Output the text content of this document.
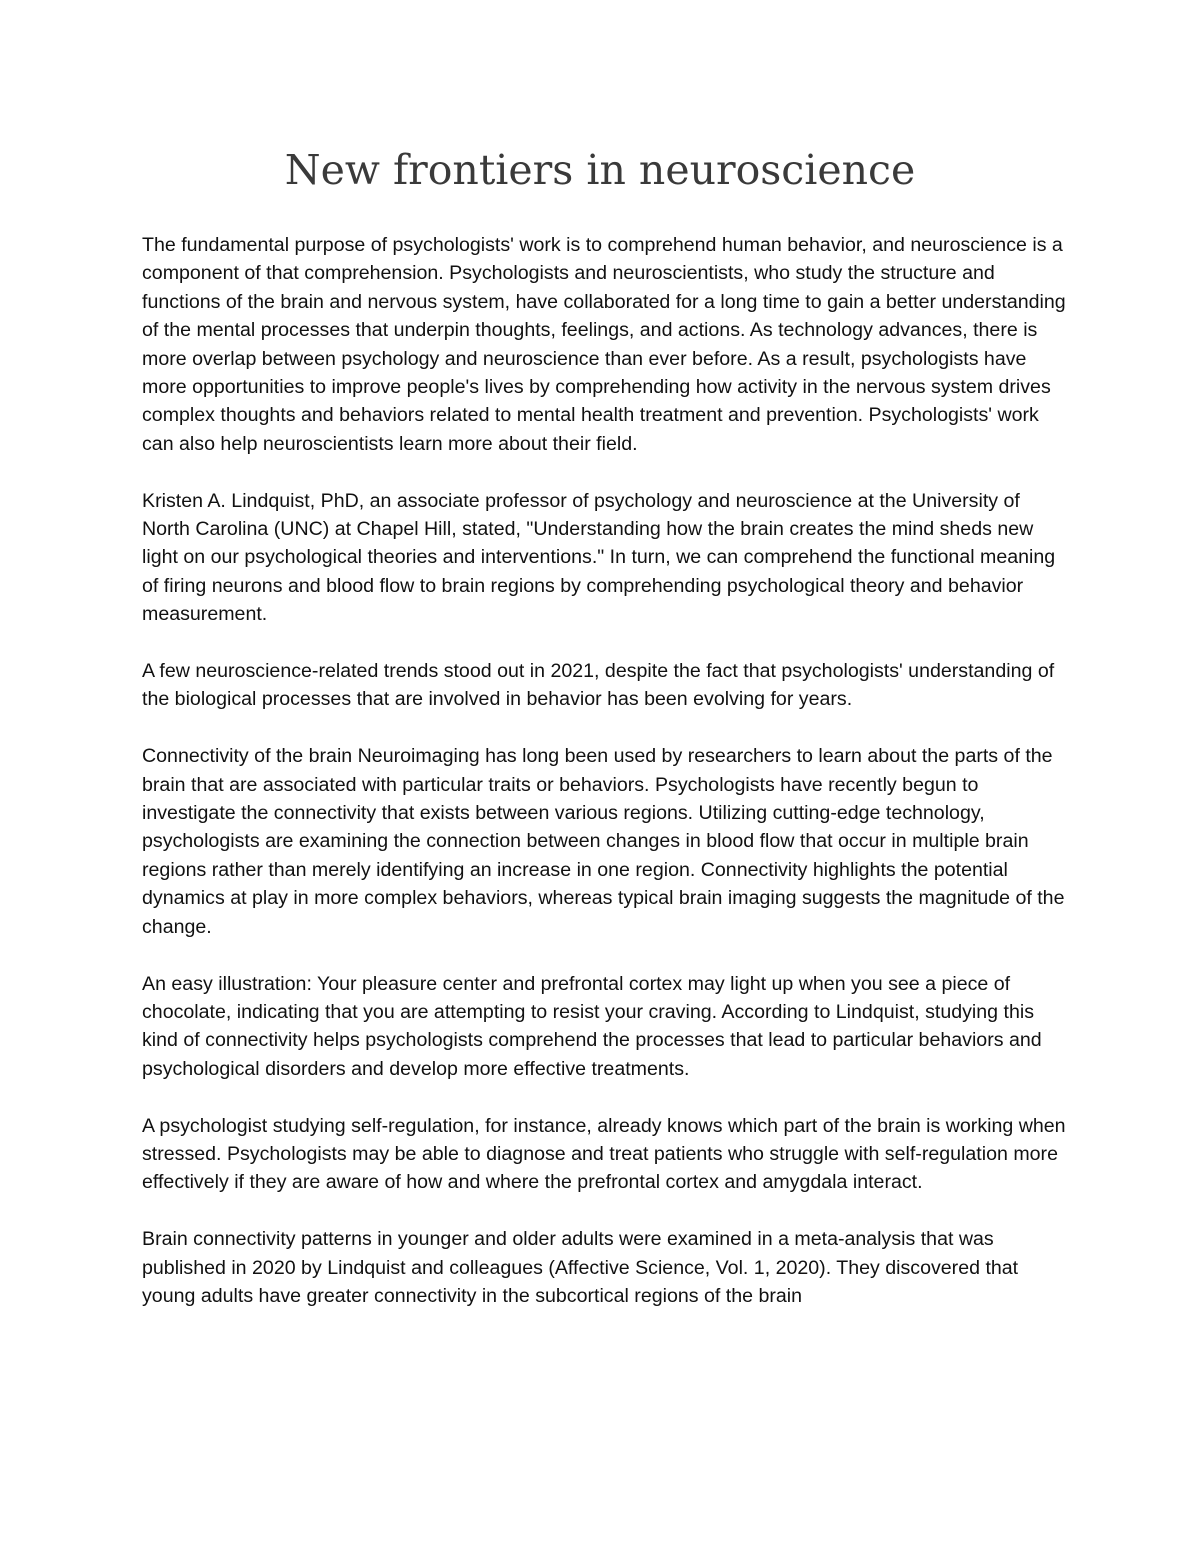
New frontiers in neuroscience

The fundamental purpose of psychologists' work is to comprehend human behavior, and neuroscience is a component of that comprehension. Psychologists and neuroscientists, who study the structure and functions of the brain and nervous system, have collaborated for a long time to gain a better understanding of the mental processes that underpin thoughts, feelings, and actions. As technology advances, there is more overlap between psychology and neuroscience than ever before. As a result, psychologists have more opportunities to improve people's lives by comprehending how activity in the nervous system drives complex thoughts and behaviors related to mental health treatment and prevention. Psychologists' work can also help neuroscientists learn more about their field.

Kristen A. Lindquist, PhD, an associate professor of psychology and neuroscience at the University of North Carolina (UNC) at Chapel Hill, stated, "Understanding how the brain creates the mind sheds new light on our psychological theories and interventions." In turn, we can comprehend the functional meaning of firing neurons and blood flow to brain regions by comprehending psychological theory and behavior measurement.

A few neuroscience-related trends stood out in 2021, despite the fact that psychologists' understanding of the biological processes that are involved in behavior has been evolving for years.

Connectivity of the brain Neuroimaging has long been used by researchers to learn about the parts of the brain that are associated with particular traits or behaviors. Psychologists have recently begun to investigate the connectivity that exists between various regions. Utilizing cutting-edge technology, psychologists are examining the connection between changes in blood flow that occur in multiple brain regions rather than merely identifying an increase in one region. Connectivity highlights the potential dynamics at play in more complex behaviors, whereas typical brain imaging suggests the magnitude of the change.

An easy illustration: Your pleasure center and prefrontal cortex may light up when you see a piece of chocolate, indicating that you are attempting to resist your craving. According to Lindquist, studying this kind of connectivity helps psychologists comprehend the processes that lead to particular behaviors and psychological disorders and develop more effective treatments.

A psychologist studying self-regulation, for instance, already knows which part of the brain is working when stressed. Psychologists may be able to diagnose and treat patients who struggle with self-regulation more effectively if they are aware of how and where the prefrontal cortex and amygdala interact.

Brain connectivity patterns in younger and older adults were examined in a meta-analysis that was published in 2020 by Lindquist and colleagues (Affective Science, Vol. 1, 2020). They discovered that young adults have greater connectivity in the subcortical regions of the brain
